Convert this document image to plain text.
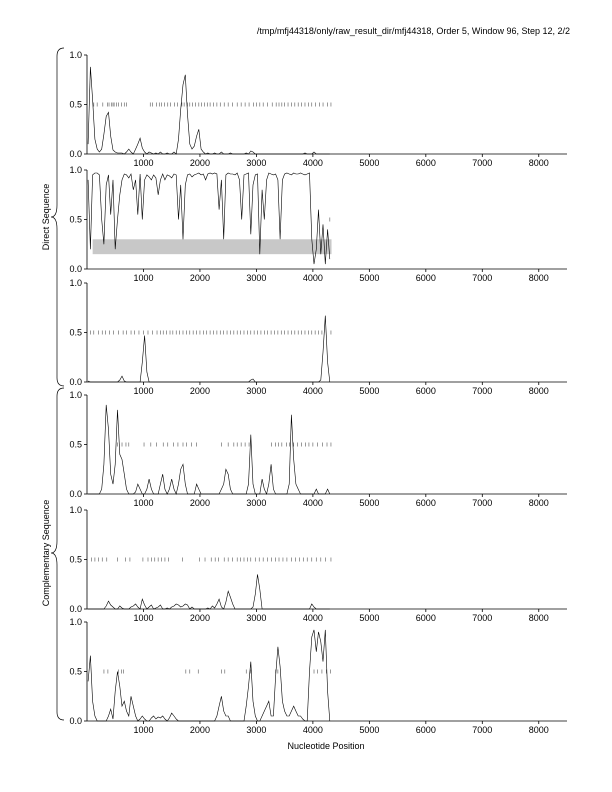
0.0
0.5
1.0
1000	2000	3000	4000	5000	6000	7000	8000
0.0
0.5
1.0
1000	2000	3000	4000	5000	6000	7000	8000
0.0
0.5
1.0
1000	2000	3000	4000	5000	6000	7000	8000
0.0
0.5
1.0
1000	2000	3000	4000	5000	6000	7000	8000
0.0
0.5
1.0
1000	2000	3000	4000	5000	6000	7000	8000
0.0
0.5
1.0
1000	2000	3000	4000	5000	6000	7000	8000
Nucleotide Position
Direct Sequence
Complementary Sequence
/tmp/mfj44318/only/raw_result_dir/mfj44318, Order 5, Window 96, Step 12, 2/2
